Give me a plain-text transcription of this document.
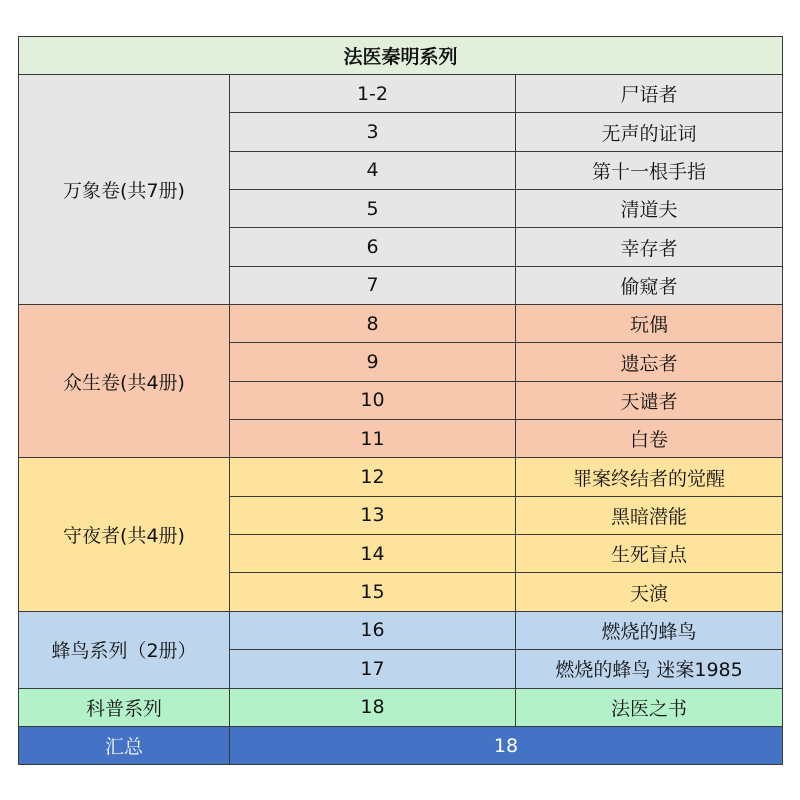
法医秦明系列		
万象卷(共7册)	1-2	尸语者
	3	无声的证词
	4	第十一根手指
	5	清道夫
	6	幸存者
	7	偷窥者
众生卷(共4册)	8	玩偶
	9	遗忘者
	10	天谴者
	11	白卷
守夜者(共4册)	12	罪案终结者的觉醒
	13	黑暗潜能
	14	生死盲点
	15	天演
蜂鸟系列（2册）	16	燃烧的蜂鸟
	17	燃烧的蜂鸟 迷案1985
科普系列	18	法医之书
汇总	18	
